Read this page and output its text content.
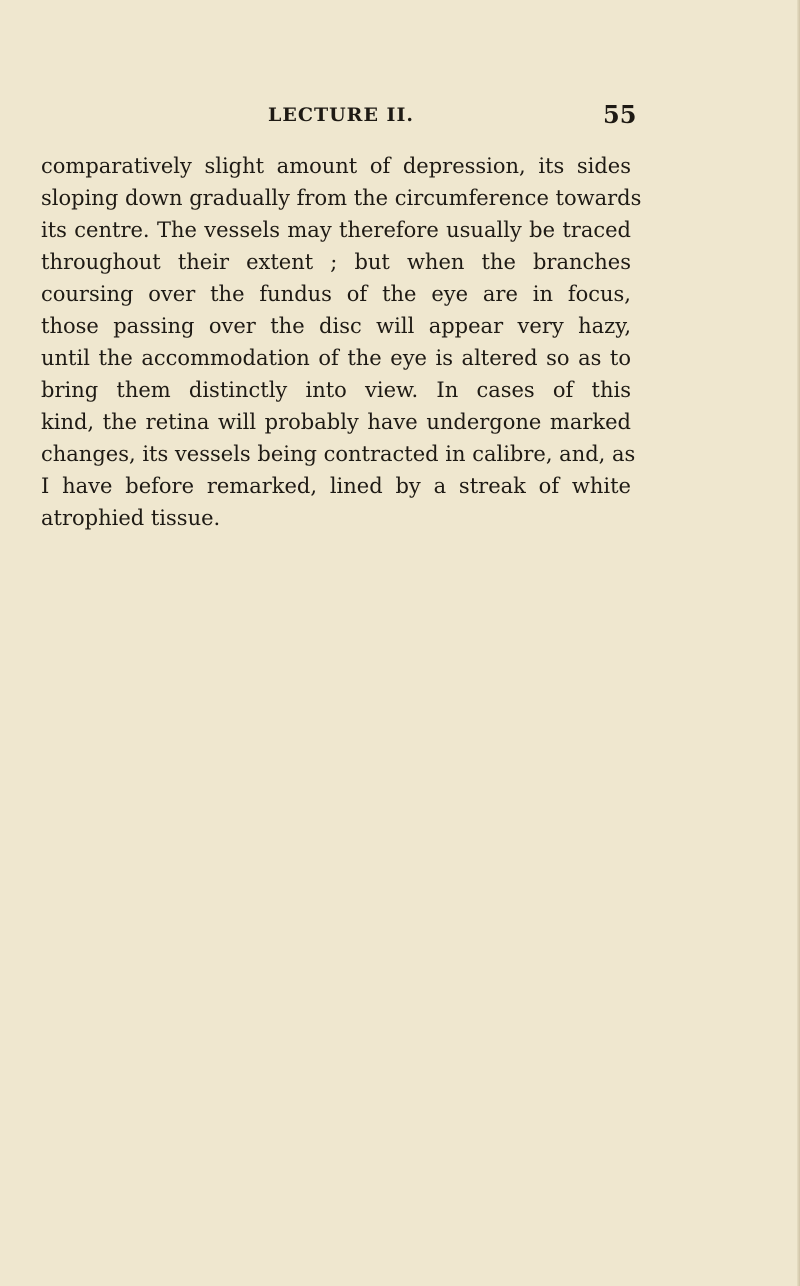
LECTURE II.	55
comparatively slight amount of depression, its sides
sloping down gradually from the circumference towards
its centre. The vessels may therefore usually be traced
throughout their extent ; but when the branches
coursing over the fundus of the eye are in focus,
those passing over the disc will appear very hazy,
until the accommodation of the eye is altered so as to
bring them distinctly into view. In cases of this
kind, the retina will probably have undergone marked
changes, its vessels being contracted in calibre, and, as
I have before remarked, lined by a streak of white
atrophied tissue.
